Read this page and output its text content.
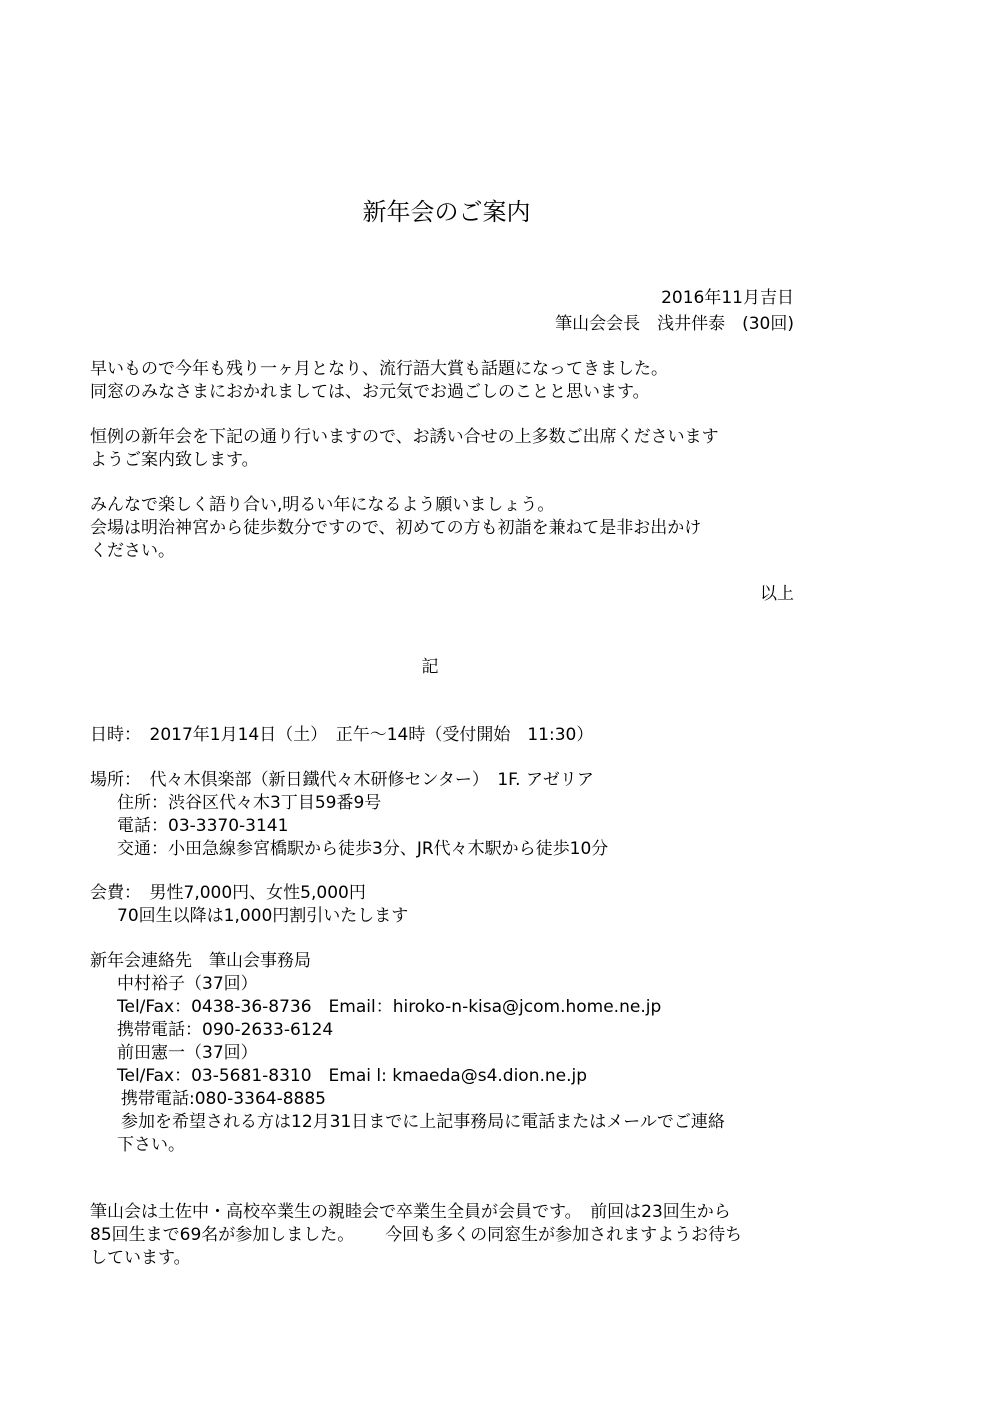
新年会のご案内
2016年11月吉日
筆山会会長　浅井伴泰　(30回)
早いもので今年も残り一ヶ月となり、流行語大賞も話題になってきました。
同窓のみなさまにおかれましては、お元気でお過ごしのことと思います。
恒例の新年会を下記の通り行いますので、お誘い合せの上多数ご出席くださいます
ようご案内致します。
みんなで楽しく語り合い,明るい年になるよう願いましょう。
会場は明治神宮から徒歩数分ですので、初めての方も初詣を兼ねて是非お出かけ
ください。
以上
記
日時：　2017年1月14日（土）　正午～14時（受付開始　11:30）
場所：　代々木倶楽部（新日鐵代々木研修センター）　1F. アゼリア
住所：渋谷区代々木3丁目59番9号
電話：03-3370-3141
交通：小田急線参宮橋駅から徒歩3分、JR代々木駅から徒歩10分
会費：　男性7,000円、女性5,000円
70回生以降は1,000円割引いたします
新年会連絡先　筆山会事務局
中村裕子（37回）
Tel/Fax：0438-36-8736　Email：hiroko-n-kisa@jcom.home.ne.jp
携帯電話：090-2633-6124
前田憲一（37回）
Tel/Fax：03-5681-8310　Emai l: kmaeda@s4.dion.ne.jp
携帯電話:080-3364-8885
参加を希望される方は12月31日までに上記事務局に電話またはメールでご連絡
下さい。
筆山会は土佐中・高校卒業生の親睦会で卒業生全員が会員です。　前回は23回生から
85回生まで69名が参加しました。　　 今回も多くの同窓生が参加されますようお待ち
しています。
